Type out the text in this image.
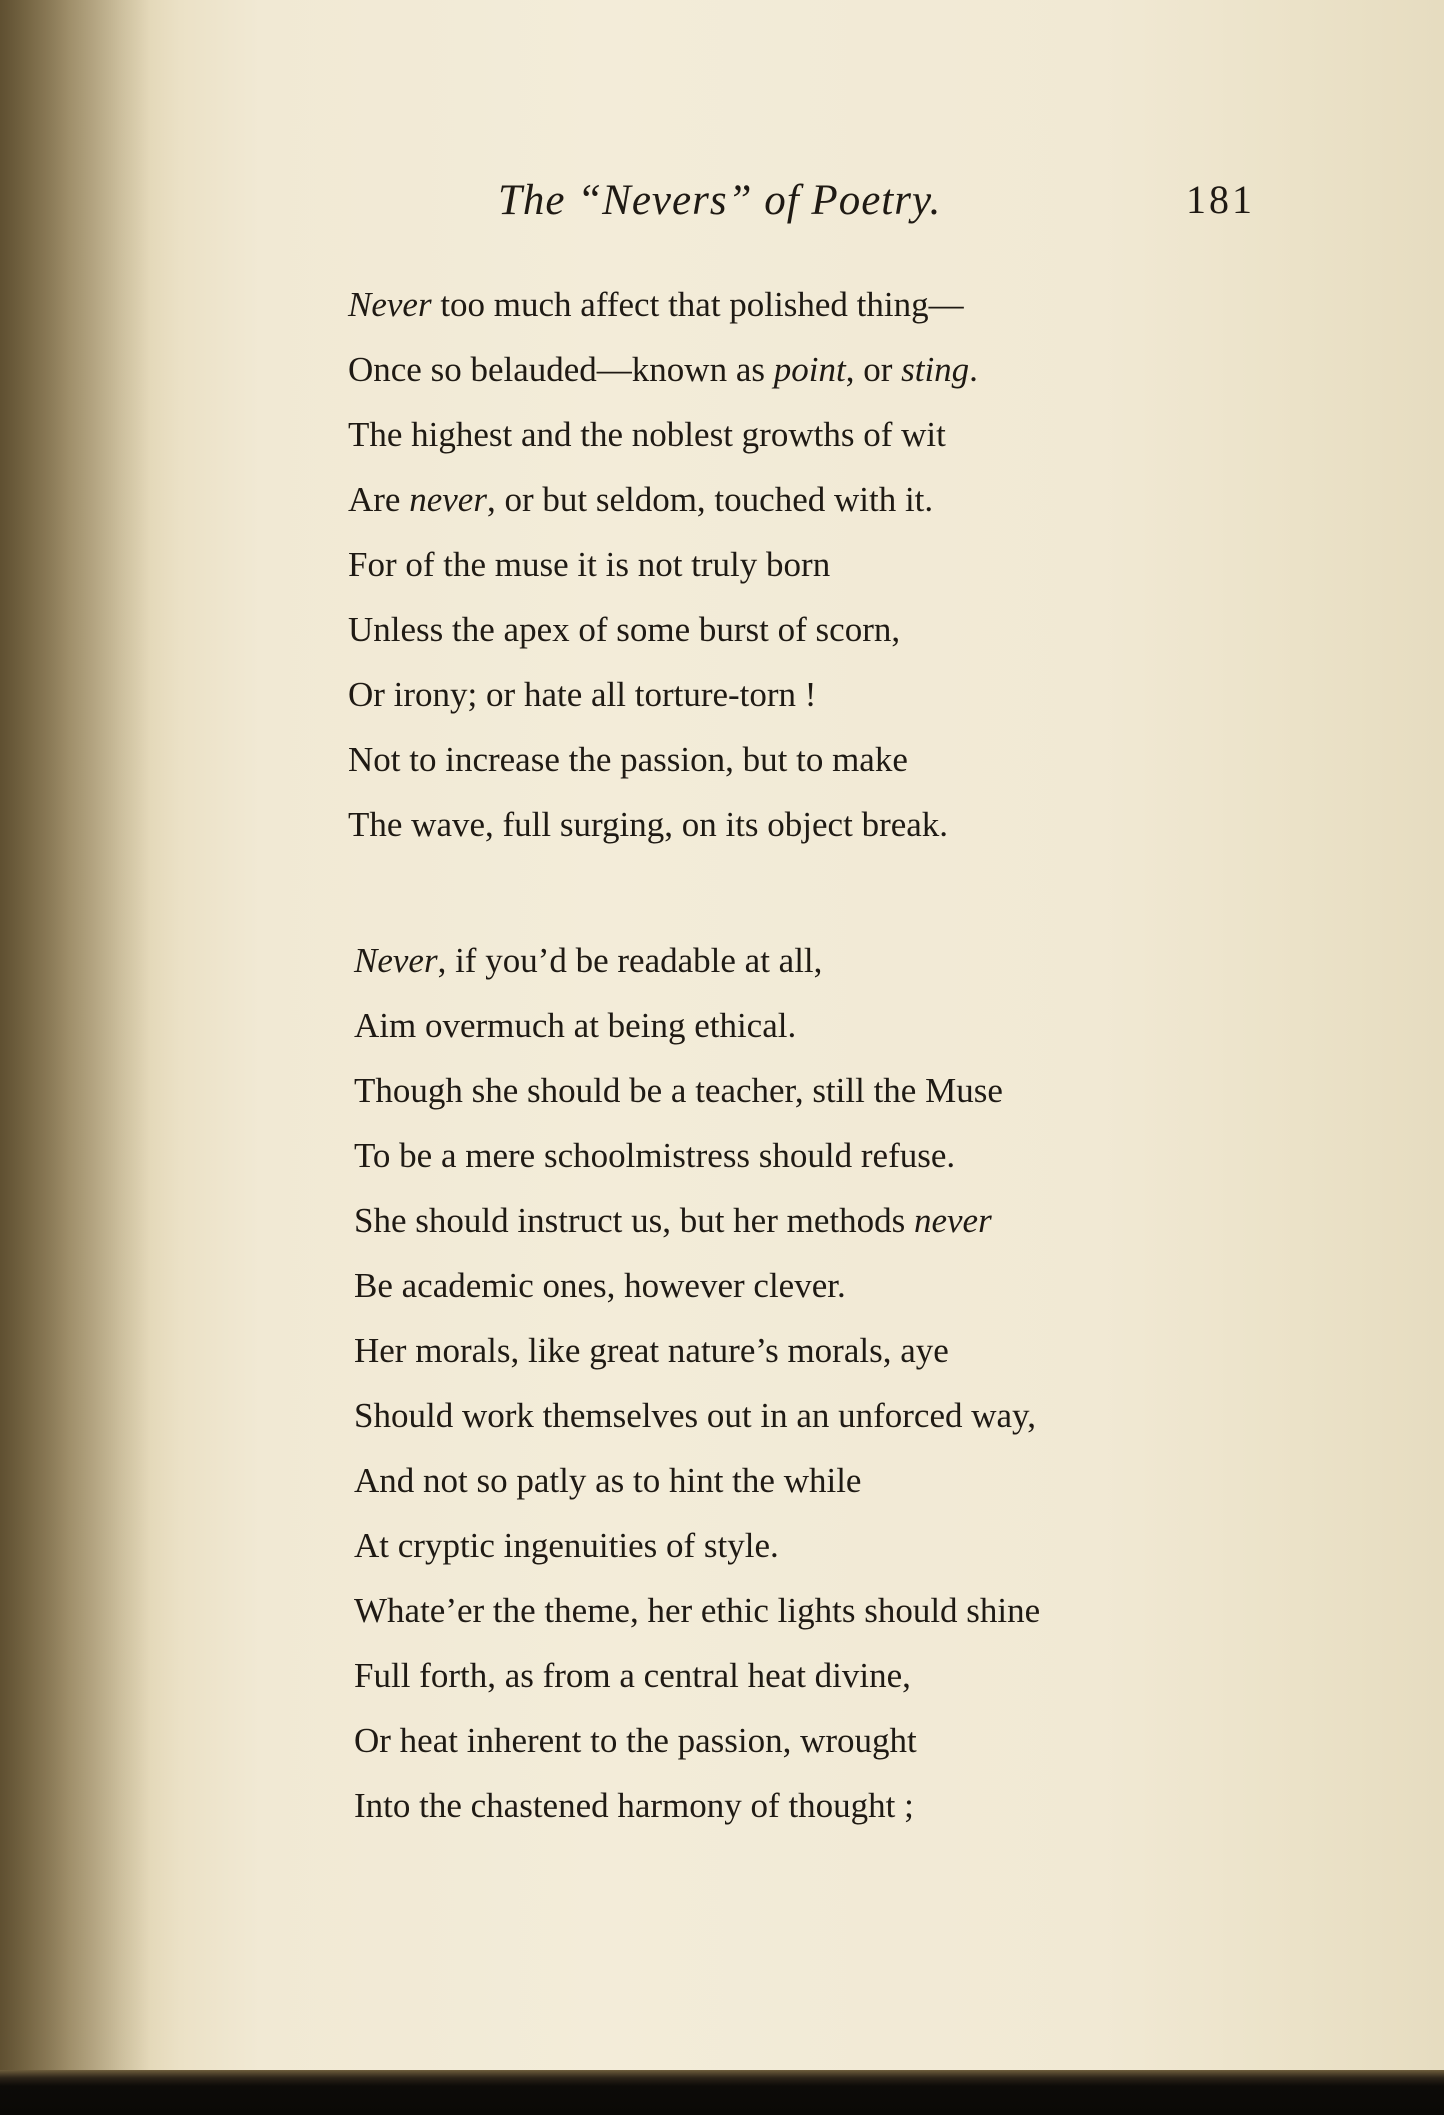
The “Nevers” of Poetry.	181
Never too much affect that polished thing—
Once so belauded—known as point, or sting.
The highest and the noblest growths of wit
Are never, or but seldom, touched with it.
For of the muse it is not truly born
Unless the apex of some burst of scorn,
Or irony; or hate all torture-torn !
Not to increase the passion, but to make
The wave, full surging, on its object break.
Never, if you’d be readable at all,
Aim overmuch at being ethical.
Though she should be a teacher, still the Muse
To be a mere schoolmistress should refuse.
She should instruct us, but her methods never
Be academic ones, however clever.
Her morals, like great nature’s morals, aye
Should work themselves out in an unforced way,
And not so patly as to hint the while
At cryptic ingenuities of style.
Whate’er the theme, her ethic lights should shine
Full forth, as from a central heat divine,
Or heat inherent to the passion, wrought
Into the chastened harmony of thought ;
